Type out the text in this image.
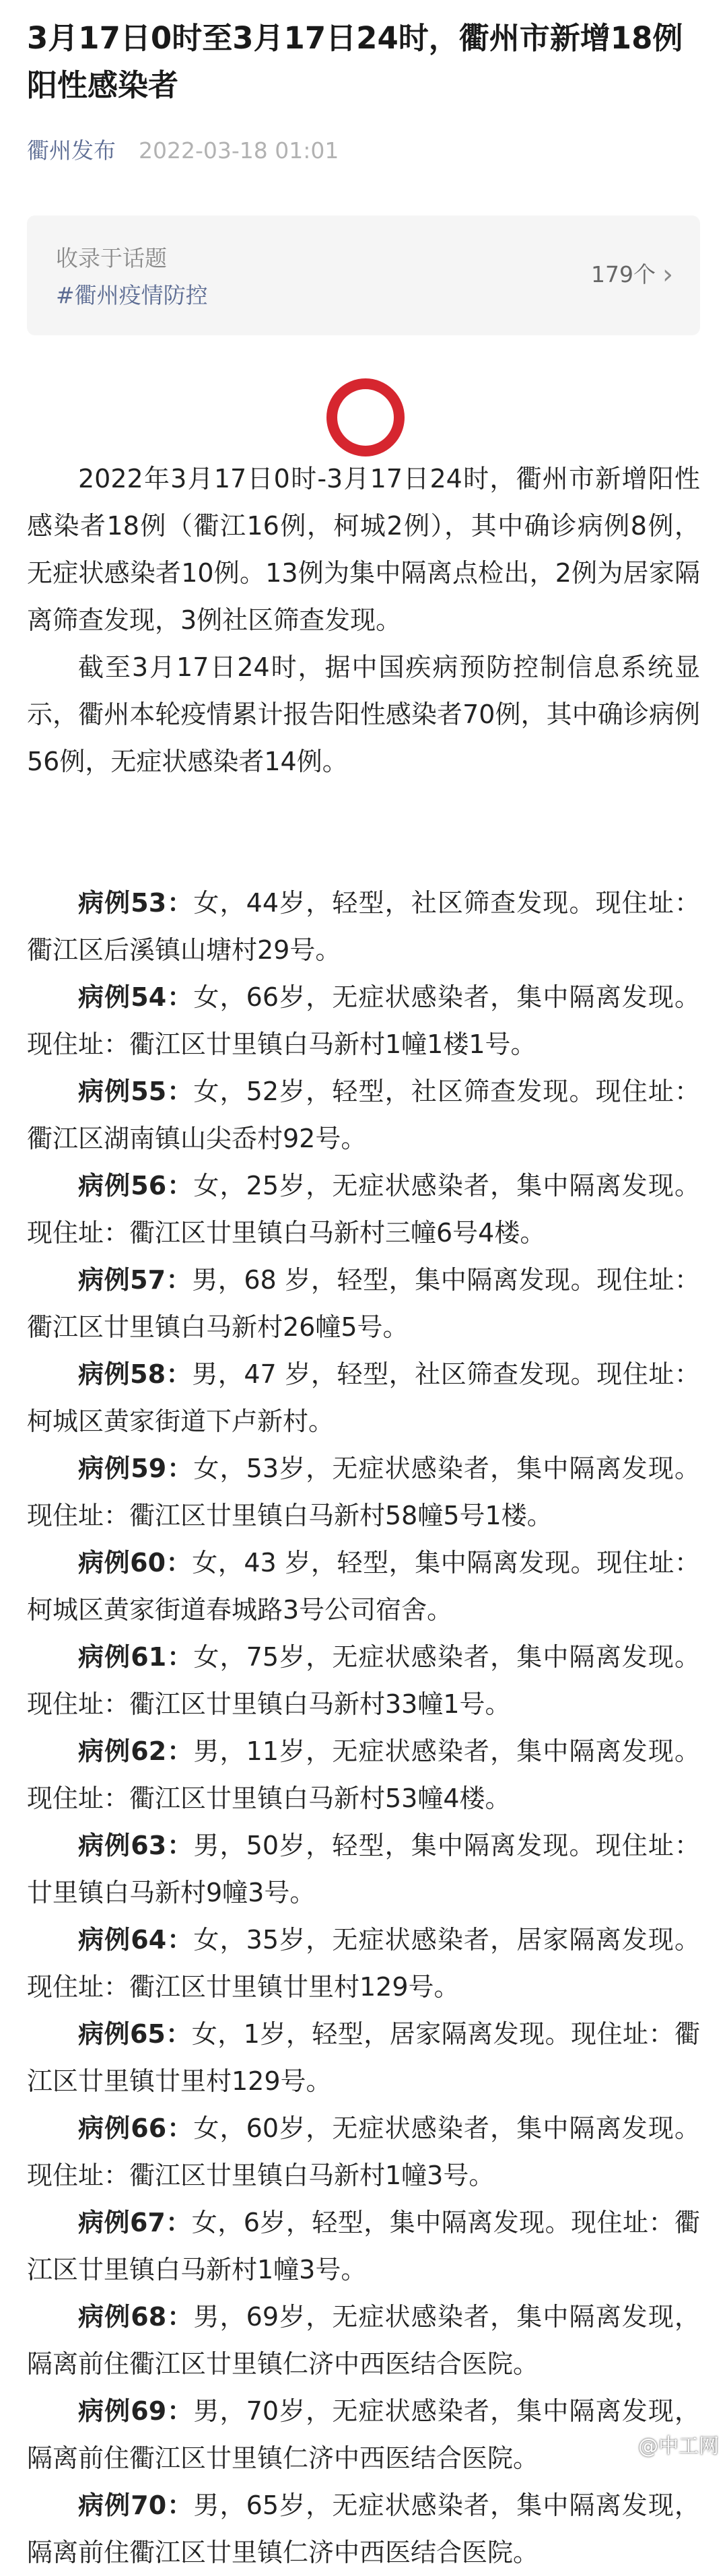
3月17日0时至3月17日24时，衢州市新增18例阳性感染者
衢州发布 2022-03-18 01:01
收录于话题
#衢州疫情防控
179个 ›

2022年3月17日0时-3月17日24时，衢州市新增阳性感染者18例（衢江16例，柯城2例），其中确诊病例8例，无症状感染者10例。13例为集中隔离点检出，2例为居家隔离筛查发现，3例社区筛查发现。

截至3月17日24时，据中国疾病预防控制信息系统显示，衢州本轮疫情累计报告阳性感染者70例，其中确诊病例56例，无症状感染者14例。

病例53：女，44岁，轻型，社区筛查发现。现住址：衢江区后溪镇山塘村29号。

病例54：女，66岁，无症状感染者，集中隔离发现。现住址：衢江区廿里镇白马新村1幢1楼1号。

病例55：女，52岁，轻型，社区筛查发现。现住址：衢江区湖南镇山尖岙村92号。

病例56：女，25岁，无症状感染者，集中隔离发现。现住址：衢江区廿里镇白马新村三幢6号4楼。

病例57：男，68 岁，轻型，集中隔离发现。现住址：衢江区廿里镇白马新村26幢5号。

病例58：男，47 岁，轻型，社区筛查发现。现住址：柯城区黄家街道下卢新村。

病例59：女，53岁，无症状感染者，集中隔离发现。现住址：衢江区廿里镇白马新村58幢5号1楼。

病例60：女，43 岁，轻型，集中隔离发现。现住址：柯城区黄家街道春城路3号公司宿舍。

病例61：女，75岁，无症状感染者，集中隔离发现。现住址：衢江区廿里镇白马新村33幢1号。

病例62：男，11岁，无症状感染者，集中隔离发现。现住址：衢江区廿里镇白马新村53幢4楼。

病例63：男，50岁，轻型，集中隔离发现。现住址：廿里镇白马新村9幢3号。

病例64：女，35岁，无症状感染者，居家隔离发现。现住址：衢江区廿里镇廿里村129号。

病例65：女，1岁，轻型，居家隔离发现。现住址：衢江区廿里镇廿里村129号。

病例66：女，60岁，无症状感染者，集中隔离发现。现住址：衢江区廿里镇白马新村1幢3号。

病例67：女，6岁，轻型，集中隔离发现。现住址：衢江区廿里镇白马新村1幢3号。

病例68：男，69岁，无症状感染者，集中隔离发现，隔离前住衢江区廿里镇仁济中西医结合医院。

病例69：男，70岁，无症状感染者，集中隔离发现，隔离前住衢江区廿里镇仁济中西医结合医院。

病例70：男，65岁，无症状感染者，集中隔离发现，隔离前住衢江区廿里镇仁济中西医结合医院。

@中工网
